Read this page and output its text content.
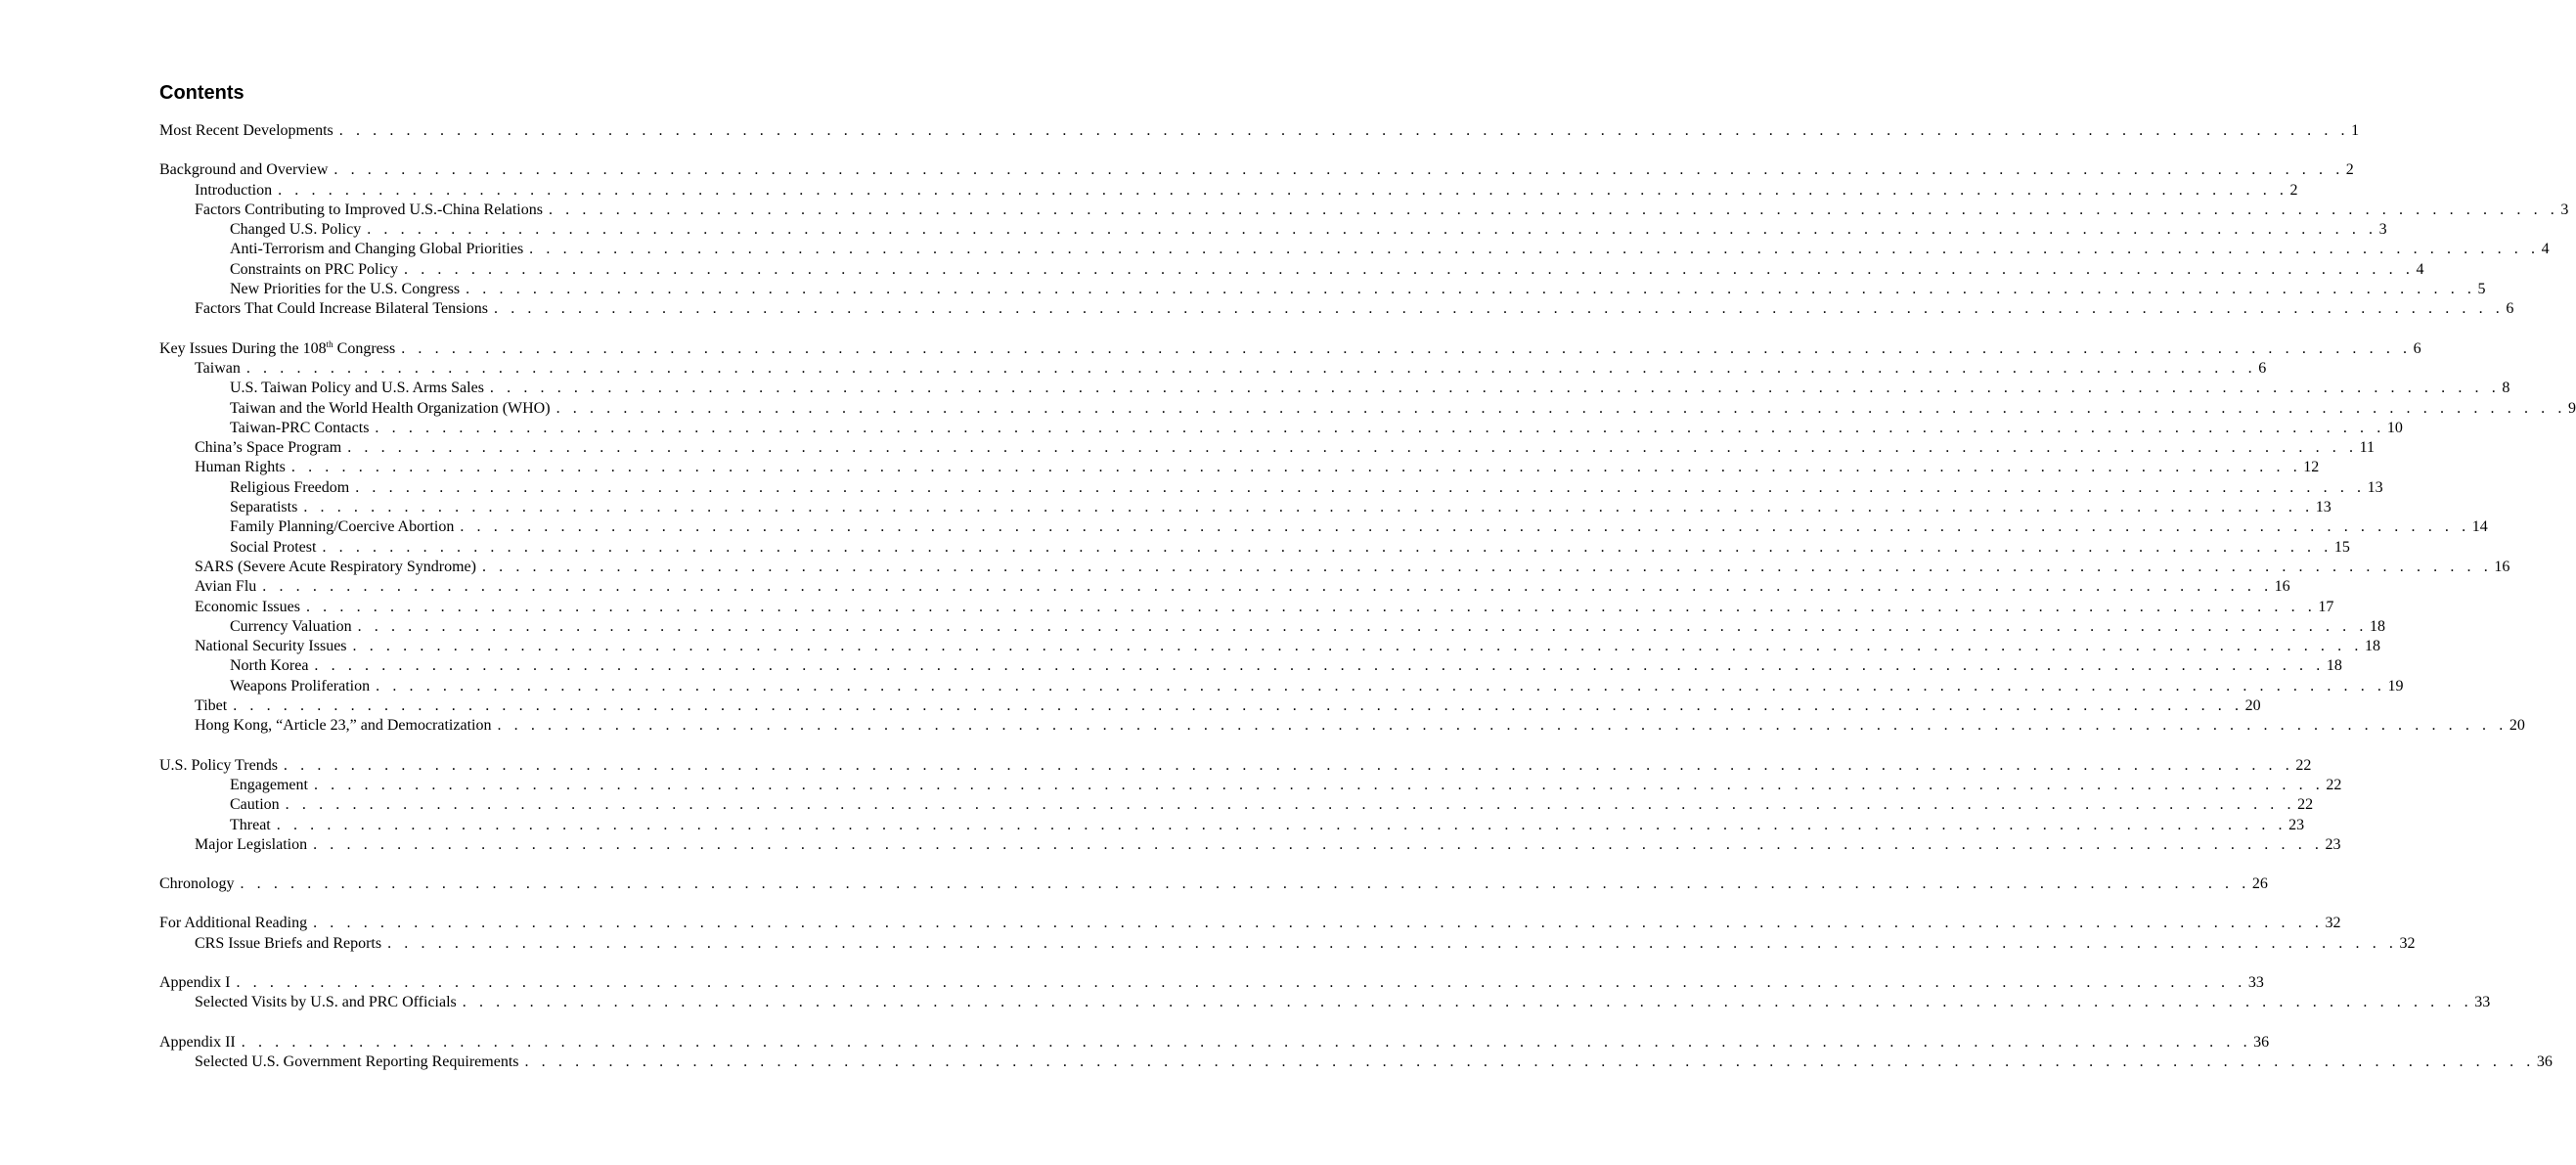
Contents
Most Recent Developments . . . . . . . . . . . . . . . . . . . . . . . . . . . . . . . . . . . . . . . . . . . . . . . . . . . . . . . . . . . . . . . . . . . . . . . . . . . . . . . . . . . . . . . . . . . . . . . . . . . . . . . . . . . . . . . . . . . . . . . . 1
Background and Overview . . . . . . . . . . . . . . . . . . . . . . . . . . . . . . . . . . . . . . . . . . . . . . . . . . . . . . . . . . . . . . . . . . . . . . . . . . . . . . . . . . . . . . . . . . . . . . . . . . . . . . . . . . . . . . . . . . . . . . . . 2
Introduction . . . . . . . . . . . . . . . . . . . . . . . . . . . . . . . . . . . . . . . . . . . . . . . . . . . . . . . . . . . . . . . . . . . . . . . . . . . . . . . . . . . . . . . . . . . . . . . . . . . . . . . . . . . . . . . . . . . . . . . . 2
Factors Contributing to Improved U.S.-China Relations . . . . . . . . . . . . . . . . . . . . . . . . . . . . . . . . . . . . . . . . . . . . . . . . . . . . . . . . . . . . . . . . . . . . . . . . . . . . . . . . . . . . . . . . . . . . . . . . . . . . . . . . . . . . . . . . . . . . . . . . 3
Changed U.S. Policy . . . . . . . . . . . . . . . . . . . . . . . . . . . . . . . . . . . . . . . . . . . . . . . . . . . . . . . . . . . . . . . . . . . . . . . . . . . . . . . . . . . . . . . . . . . . . . . . . . . . . . . . . . . . . . . . . . . . . . . . 3
Anti-Terrorism and Changing Global Priorities . . . . . . . . . . . . . . . . . . . . . . . . . . . . . . . . . . . . . . . . . . . . . . . . . . . . . . . . . . . . . . . . . . . . . . . . . . . . . . . . . . . . . . . . . . . . . . . . . . . . . . . . . . . . . . . . . . . . . . . . 4
Constraints on PRC Policy . . . . . . . . . . . . . . . . . . . . . . . . . . . . . . . . . . . . . . . . . . . . . . . . . . . . . . . . . . . . . . . . . . . . . . . . . . . . . . . . . . . . . . . . . . . . . . . . . . . . . . . . . . . . . . . . . . . . . . . . 4
New Priorities for the U.S. Congress . . . . . . . . . . . . . . . . . . . . . . . . . . . . . . . . . . . . . . . . . . . . . . . . . . . . . . . . . . . . . . . . . . . . . . . . . . . . . . . . . . . . . . . . . . . . . . . . . . . . . . . . . . . . . . . . . . . . . . . . 5
Factors That Could Increase Bilateral Tensions . . . . . . . . . . . . . . . . . . . . . . . . . . . . . . . . . . . . . . . . . . . . . . . . . . . . . . . . . . . . . . . . . . . . . . . . . . . . . . . . . . . . . . . . . . . . . . . . . . . . . . . . . . . . . . . . . . . . . . . . 6
Key Issues During the 108th Congress . . . . . . . . . . . . . . . . . . . . . . . . . . . . . . . . . . . . . . . . . . . . . . . . . . . . . . . . . . . . . . . . . . . . . . . . . . . . . . . . . . . . . . . . . . . . . . . . . . . . . . . . . . . . . . . . . . . . . . . . 6
Taiwan . . . . . . . . . . . . . . . . . . . . . . . . . . . . . . . . . . . . . . . . . . . . . . . . . . . . . . . . . . . . . . . . . . . . . . . . . . . . . . . . . . . . . . . . . . . . . . . . . . . . . . . . . . . . . . . . . . . . . . . . 6
U.S. Taiwan Policy and U.S. Arms Sales . . . . . . . . . . . . . . . . . . . . . . . . . . . . . . . . . . . . . . . . . . . . . . . . . . . . . . . . . . . . . . . . . . . . . . . . . . . . . . . . . . . . . . . . . . . . . . . . . . . . . . . . . . . . . . . . . . . . . . . . 8
Taiwan and the World Health Organization (WHO) . . . . . . . . . . . . . . . . . . . . . . . . . . . . . . . . . . . . . . . . . . . . . . . . . . . . . . . . . . . . . . . . . . . . . . . . . . . . . . . . . . . . . . . . . . . . . . . . . . . . . . . . . . . . . . . . . . . . . . . . 9
Taiwan-PRC Contacts . . . . . . . . . . . . . . . . . . . . . . . . . . . . . . . . . . . . . . . . . . . . . . . . . . . . . . . . . . . . . . . . . . . . . . . . . . . . . . . . . . . . . . . . . . . . . . . . . . . . . . . . . . . . . . . . . . . . . . . . 10
China’s Space Program . . . . . . . . . . . . . . . . . . . . . . . . . . . . . . . . . . . . . . . . . . . . . . . . . . . . . . . . . . . . . . . . . . . . . . . . . . . . . . . . . . . . . . . . . . . . . . . . . . . . . . . . . . . . . . . . . . . . . . . . 11
Human Rights . . . . . . . . . . . . . . . . . . . . . . . . . . . . . . . . . . . . . . . . . . . . . . . . . . . . . . . . . . . . . . . . . . . . . . . . . . . . . . . . . . . . . . . . . . . . . . . . . . . . . . . . . . . . . . . . . . . . . . . . 12
Religious Freedom . . . . . . . . . . . . . . . . . . . . . . . . . . . . . . . . . . . . . . . . . . . . . . . . . . . . . . . . . . . . . . . . . . . . . . . . . . . . . . . . . . . . . . . . . . . . . . . . . . . . . . . . . . . . . . . . . . . . . . . . 13
Separatists . . . . . . . . . . . . . . . . . . . . . . . . . . . . . . . . . . . . . . . . . . . . . . . . . . . . . . . . . . . . . . . . . . . . . . . . . . . . . . . . . . . . . . . . . . . . . . . . . . . . . . . . . . . . . . . . . . . . . . . . 13
Family Planning/Coercive Abortion . . . . . . . . . . . . . . . . . . . . . . . . . . . . . . . . . . . . . . . . . . . . . . . . . . . . . . . . . . . . . . . . . . . . . . . . . . . . . . . . . . . . . . . . . . . . . . . . . . . . . . . . . . . . . . . . . . . . . . . . 14
Social Protest . . . . . . . . . . . . . . . . . . . . . . . . . . . . . . . . . . . . . . . . . . . . . . . . . . . . . . . . . . . . . . . . . . . . . . . . . . . . . . . . . . . . . . . . . . . . . . . . . . . . . . . . . . . . . . . . . . . . . . . . 15
SARS (Severe Acute Respiratory Syndrome) . . . . . . . . . . . . . . . . . . . . . . . . . . . . . . . . . . . . . . . . . . . . . . . . . . . . . . . . . . . . . . . . . . . . . . . . . . . . . . . . . . . . . . . . . . . . . . . . . . . . . . . . . . . . . . . . . . . . . . . . 16
Avian Flu . . . . . . . . . . . . . . . . . . . . . . . . . . . . . . . . . . . . . . . . . . . . . . . . . . . . . . . . . . . . . . . . . . . . . . . . . . . . . . . . . . . . . . . . . . . . . . . . . . . . . . . . . . . . . . . . . . . . . . . . 16
Economic Issues . . . . . . . . . . . . . . . . . . . . . . . . . . . . . . . . . . . . . . . . . . . . . . . . . . . . . . . . . . . . . . . . . . . . . . . . . . . . . . . . . . . . . . . . . . . . . . . . . . . . . . . . . . . . . . . . . . . . . . . . 17
Currency Valuation . . . . . . . . . . . . . . . . . . . . . . . . . . . . . . . . . . . . . . . . . . . . . . . . . . . . . . . . . . . . . . . . . . . . . . . . . . . . . . . . . . . . . . . . . . . . . . . . . . . . . . . . . . . . . . . . . . . . . . . . 18
National Security Issues . . . . . . . . . . . . . . . . . . . . . . . . . . . . . . . . . . . . . . . . . . . . . . . . . . . . . . . . . . . . . . . . . . . . . . . . . . . . . . . . . . . . . . . . . . . . . . . . . . . . . . . . . . . . . . . . . . . . . . . . 18
North Korea . . . . . . . . . . . . . . . . . . . . . . . . . . . . . . . . . . . . . . . . . . . . . . . . . . . . . . . . . . . . . . . . . . . . . . . . . . . . . . . . . . . . . . . . . . . . . . . . . . . . . . . . . . . . . . . . . . . . . . . . 18
Weapons Proliferation . . . . . . . . . . . . . . . . . . . . . . . . . . . . . . . . . . . . . . . . . . . . . . . . . . . . . . . . . . . . . . . . . . . . . . . . . . . . . . . . . . . . . . . . . . . . . . . . . . . . . . . . . . . . . . . . . . . . . . . . 19
Tibet . . . . . . . . . . . . . . . . . . . . . . . . . . . . . . . . . . . . . . . . . . . . . . . . . . . . . . . . . . . . . . . . . . . . . . . . . . . . . . . . . . . . . . . . . . . . . . . . . . . . . . . . . . . . . . . . . . . . . . . . 20
Hong Kong, “Article 23,” and Democratization . . . . . . . . . . . . . . . . . . . . . . . . . . . . . . . . . . . . . . . . . . . . . . . . . . . . . . . . . . . . . . . . . . . . . . . . . . . . . . . . . . . . . . . . . . . . . . . . . . . . . . . . . . . . . . . . . . . . . . . . 20
U.S. Policy Trends . . . . . . . . . . . . . . . . . . . . . . . . . . . . . . . . . . . . . . . . . . . . . . . . . . . . . . . . . . . . . . . . . . . . . . . . . . . . . . . . . . . . . . . . . . . . . . . . . . . . . . . . . . . . . . . . . . . . . . . . 22
Engagement . . . . . . . . . . . . . . . . . . . . . . . . . . . . . . . . . . . . . . . . . . . . . . . . . . . . . . . . . . . . . . . . . . . . . . . . . . . . . . . . . . . . . . . . . . . . . . . . . . . . . . . . . . . . . . . . . . . . . . . . 22
Caution . . . . . . . . . . . . . . . . . . . . . . . . . . . . . . . . . . . . . . . . . . . . . . . . . . . . . . . . . . . . . . . . . . . . . . . . . . . . . . . . . . . . . . . . . . . . . . . . . . . . . . . . . . . . . . . . . . . . . . . . 22
Threat . . . . . . . . . . . . . . . . . . . . . . . . . . . . . . . . . . . . . . . . . . . . . . . . . . . . . . . . . . . . . . . . . . . . . . . . . . . . . . . . . . . . . . . . . . . . . . . . . . . . . . . . . . . . . . . . . . . . . . . . 23
Major Legislation . . . . . . . . . . . . . . . . . . . . . . . . . . . . . . . . . . . . . . . . . . . . . . . . . . . . . . . . . . . . . . . . . . . . . . . . . . . . . . . . . . . . . . . . . . . . . . . . . . . . . . . . . . . . . . . . . . . . . . . . 23
Chronology . . . . . . . . . . . . . . . . . . . . . . . . . . . . . . . . . . . . . . . . . . . . . . . . . . . . . . . . . . . . . . . . . . . . . . . . . . . . . . . . . . . . . . . . . . . . . . . . . . . . . . . . . . . . . . . . . . . . . . . . 26
For Additional Reading . . . . . . . . . . . . . . . . . . . . . . . . . . . . . . . . . . . . . . . . . . . . . . . . . . . . . . . . . . . . . . . . . . . . . . . . . . . . . . . . . . . . . . . . . . . . . . . . . . . . . . . . . . . . . . . . . . . . . . . . 32
CRS Issue Briefs and Reports . . . . . . . . . . . . . . . . . . . . . . . . . . . . . . . . . . . . . . . . . . . . . . . . . . . . . . . . . . . . . . . . . . . . . . . . . . . . . . . . . . . . . . . . . . . . . . . . . . . . . . . . . . . . . . . . . . . . . . . . 32
Appendix I . . . . . . . . . . . . . . . . . . . . . . . . . . . . . . . . . . . . . . . . . . . . . . . . . . . . . . . . . . . . . . . . . . . . . . . . . . . . . . . . . . . . . . . . . . . . . . . . . . . . . . . . . . . . . . . . . . . . . . . . 33
Selected Visits by U.S. and PRC Officials . . . . . . . . . . . . . . . . . . . . . . . . . . . . . . . . . . . . . . . . . . . . . . . . . . . . . . . . . . . . . . . . . . . . . . . . . . . . . . . . . . . . . . . . . . . . . . . . . . . . . . . . . . . . . . . . . . . . . . . . 33
Appendix II . . . . . . . . . . . . . . . . . . . . . . . . . . . . . . . . . . . . . . . . . . . . . . . . . . . . . . . . . . . . . . . . . . . . . . . . . . . . . . . . . . . . . . . . . . . . . . . . . . . . . . . . . . . . . . . . . . . . . . . . 36
Selected U.S. Government Reporting Requirements . . . . . . . . . . . . . . . . . . . . . . . . . . . . . . . . . . . . . . . . . . . . . . . . . . . . . . . . . . . . . . . . . . . . . . . . . . . . . . . . . . . . . . . . . . . . . . . . . . . . . . . . . . . . . . . . . . . . . . . . 36
